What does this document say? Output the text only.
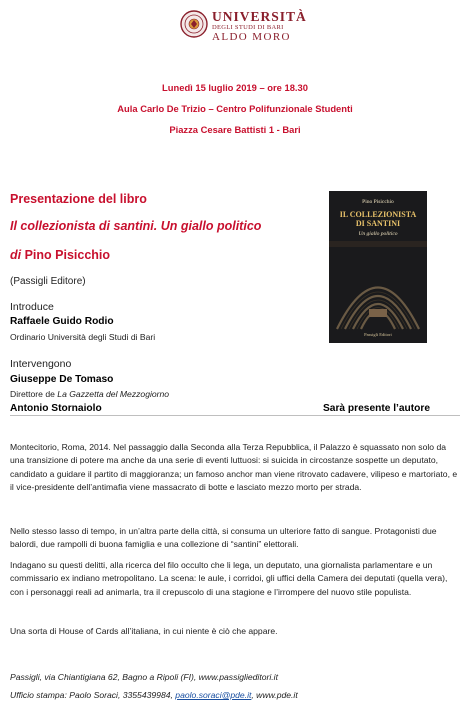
UNIVERSITÀ
DEGLI STUDI DI BARI
ALDO MORO
Lunedì 15 luglio 2019 – ore 18.30
Aula Carlo De Trizio – Centro Polifunzionale Studenti
Piazza Cesare Battisti 1 - Bari
Presentazione del libro
Il collezionista di santini. Un giallo politico
di Pino Pisicchio
(Passigli Editore)
Introduce
Raffaele Guido Rodio
Ordinario Università degli Studi di Bari
Intervengono
Giuseppe De Tomaso
Direttore de La Gazzetta del Mezzogiorno
Antonio Stornaiolo	Sarà presente l’autore
Pino Pisicchio
IL COLLEZIONISTA
DI SANTINI
Un giallo politico
Passigli Editori

Montecitorio, Roma, 2014. Nel passaggio dalla Seconda alla Terza Repubblica, il Palazzo è squassato non solo da una transizione di potere ma anche da una serie di eventi luttuosi: si suicida in circostanze sospette un deputato, candidato a guidare il partito di maggioranza; un famoso anchor man viene ritrovato cadavere, vilipeso e martoriato, e il vice-presidente dell’antimafia viene massacrato di botte e lasciato mezzo morto per strada.

Nello stesso lasso di tempo, in un’altra parte della città, si consuma un ulteriore fatto di sangue. Protagonisti due balordi, due rampolli di buona famiglia e una collezione di “santini” elettorali.

Indagano su questi delitti, alla ricerca del filo occulto che li lega, un deputato, una giornalista parlamentare e un commissario ex indiano metropolitano. La scena: le aule, i corridoi, gli uffici della Camera dei deputati (quella vera), con i personaggi reali ad animarla, tra il crepuscolo di una stagione e l’irrompere del nuovo stile populista.

Una sorta di House of Cards all’italiana, in cui niente è ciò che appare.

Passigli, via Chiantigiana 62, Bagno a Ripoli (FI), www.passiglieditori.it
Ufficio stampa: Paolo Soraci, 3355439984, paolo.soraci@pde.it, www.pde.it
